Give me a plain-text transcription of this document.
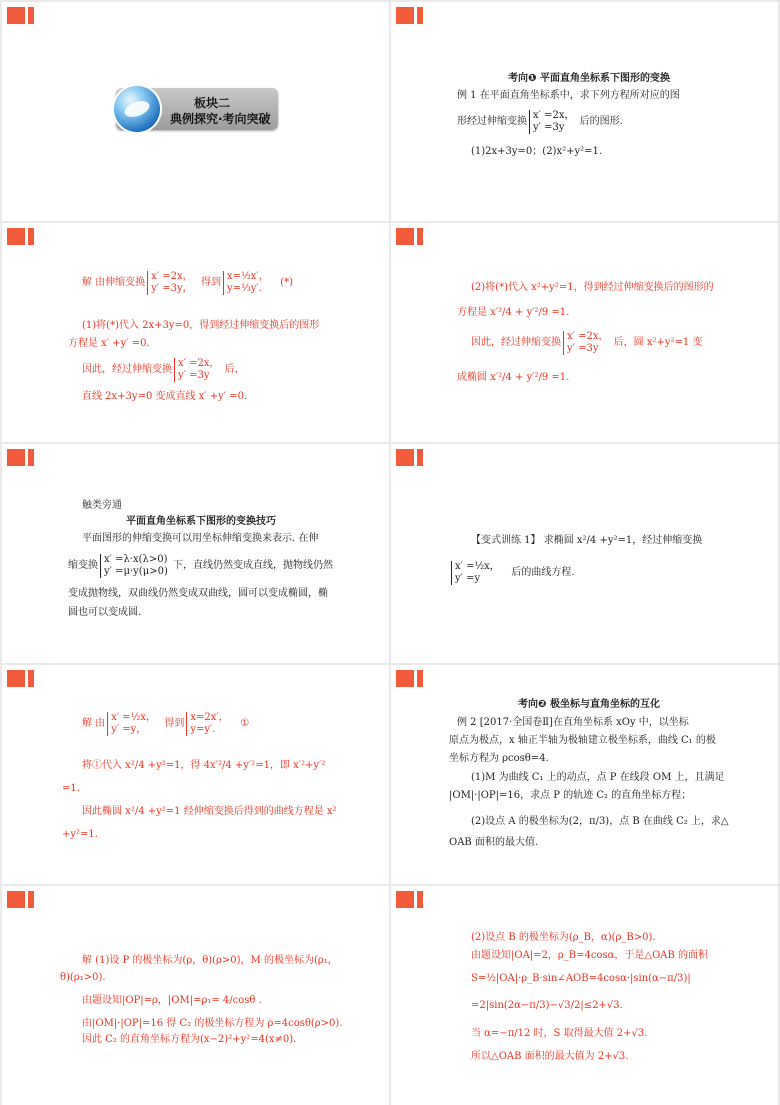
板块二
典例探究·考向突破
考向❶ 平面直角坐标系下图形的变换
例 1 在平面直角坐标系中，求下列方程所对应的图
形经过伸缩变换
x′ =2x，
y′ =3y	后的图形.
(1)2x+3y=0；(2)x²+y²=1.
解 由伸缩变换
x′ =2x，
y′ =3y， 得到
x=½x′，
y=⅓y′.	(*)
(1)将(*)代入 2x+3y=0，得到经过伸缩变换后的图形
方程是 x′ +y′ =0.
因此，经过伸缩变换
x′ =2x，
y′ =3y	后，
直线 2x+3y=0 变成直线 x′ +y′ =0.
(2)将(*)代入 x²+y²=1，得到经过伸缩变换后的图形的
方程是 x′²/4 + y′²/9 =1.
因此，经过伸缩变换
x′ =2x，
y′ =3y	后，圆 x²+y²=1 变
成椭圆 x′²/4 + y′²/9 =1.
触类旁通
平面直角坐标系下图形的变换技巧
平面图形的伸缩变换可以用坐标伸缩变换来表示. 在伸
缩变换
x′ =λ·x(λ>0)
y′ =μ·y(μ>0) 下，直线仍然变成直线，抛物线仍然
变成抛物线，双曲线仍然变成双曲线，圆可以变成椭圆，椭
圆也可以变成圆.
【变式训练 1】 求椭圆 x²/4 +y²=1，经过伸缩变换
x′ =½x，
y′ =y	后的曲线方程.
解 由
x′ =½x，
y′ =y，	得到
x=2x′，
y=y′.	①
将①代入 x²/4 +y²=1，得 4x′²/4 +y′²=1，即 x′²+y′²
=1.
因此椭圆 x²/4 +y²=1 经伸缩变换后得到的曲线方程是 x²
+y²=1.
考向❷ 极坐标与直角坐标的互化
例 2 [2017·全国卷Ⅱ]在直角坐标系 xOy 中，以坐标
原点为极点，x 轴正半轴为极轴建立极坐标系，曲线 C₁ 的极
坐标方程为 ρcosθ=4.
(1)M 为曲线 C₁ 上的动点，点 P 在线段 OM 上，且满足
|OM|·|OP|=16，求点 P 的轨迹 C₂ 的直角坐标方程；
(2)设点 A 的极坐标为(2，π/3)，点 B 在曲线 C₂ 上，求△
OAB 面积的最大值.
解 (1)设 P 的极坐标为(ρ，θ)(ρ>0)，M 的极坐标为(ρ₁，
θ)(ρ₁>0).
由题设知|OP|=ρ，|OM|=ρ₁= 4/cosθ .
由|OM|·|OP|=16 得 C₂ 的极坐标方程为 ρ=4cosθ(ρ>0).
因此 C₂ 的直角坐标方程为(x−2)²+y²=4(x≠0).
(2)设点 B 的极坐标为(ρ_B，α)(ρ_B>0).
由题设知|OA|=2，ρ_B=4cosα，于是△OAB 的面积
S=½|OA|·ρ_B·sin∠AOB=4cosα·|sin(α−π/3)|
=2|sin(2α−π/3)−√3/2|≤2+√3.
当 α=−π/12 时，S 取得最大值 2+√3.
所以△OAB 面积的最大值为 2+√3.
